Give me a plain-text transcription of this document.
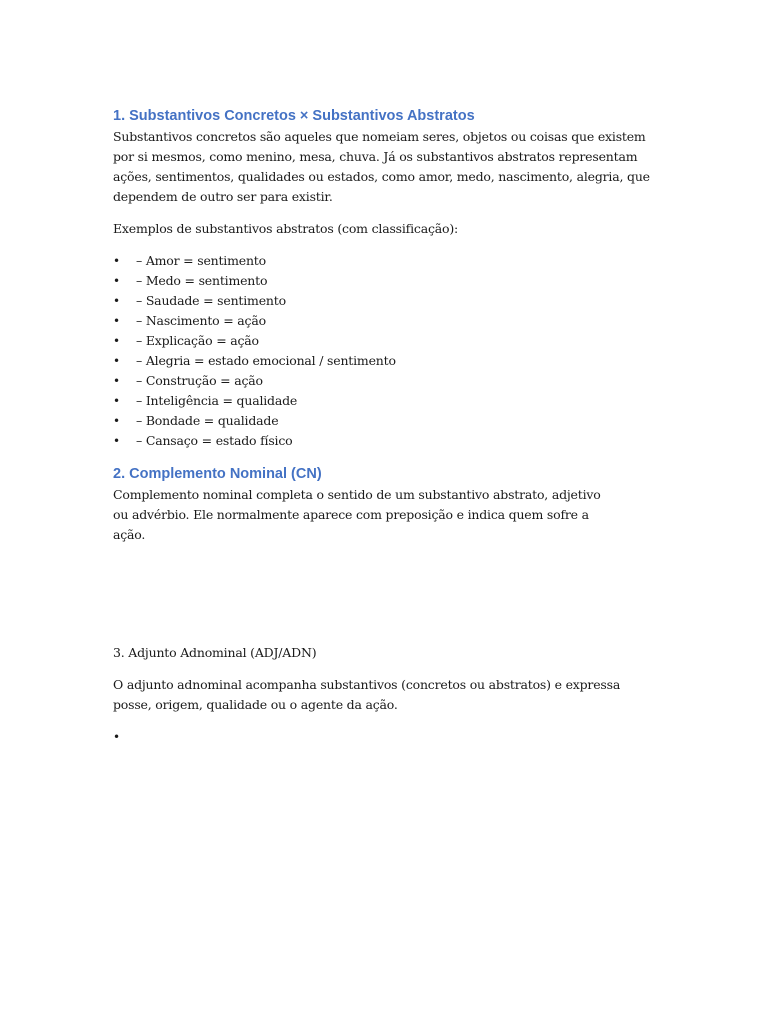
1. Substantivos Concretos × Substantivos Abstratos

Substantivos concretos são aqueles que nomeiam seres, objetos ou coisas que existem por si mesmos, como menino, mesa, chuva. Já os substantivos abstratos representam ações, sentimentos, qualidades ou estados, como amor, medo, nascimento, alegria, que dependem de outro ser para existir.

Exemplos de substantivos abstratos (com classificação):

• – Amor = sentimento
• – Medo = sentimento
• – Saudade = sentimento
• – Nascimento = ação
• – Explicação = ação
• – Alegria = estado emocional / sentimento
• – Construção = ação
• – Inteligência = qualidade
• – Bondade = qualidade
• – Cansaço = estado físico
2. Complemento Nominal (CN)

Complemento nominal completa o sentido de um substantivo abstrato, adjetivo ou advérbio. Ele normalmente aparece com preposição e indica quem sofre a ação.

3. Adjunto Adnominal (ADJ/ADN)

O adjunto adnominal acompanha substantivos (concretos ou abstratos) e expressa posse, origem, qualidade ou o agente da ação.

•
